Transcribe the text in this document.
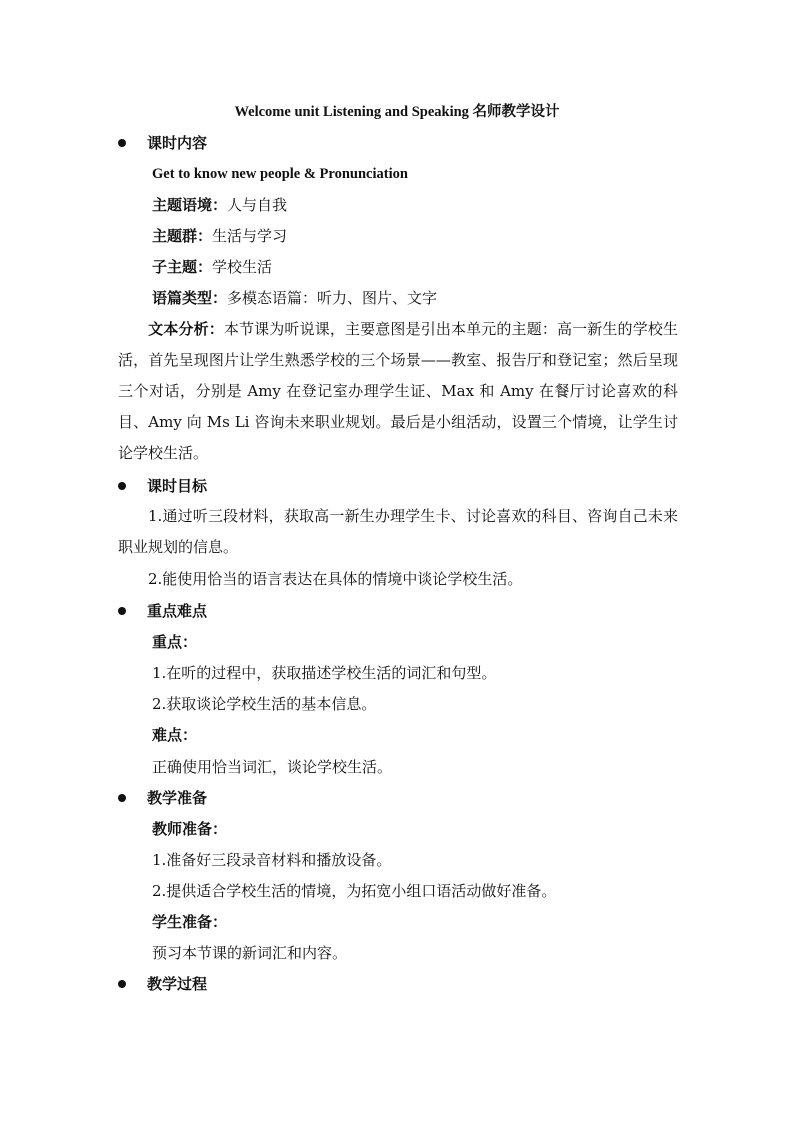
Welcome unit Listening and Speaking 名师教学设计
课时内容
Get to know new people & Pronunciation
主题语境：人与自我
主题群：生活与学习
子主题：学校生活
语篇类型：多模态语篇：听力、图片、文字
文本分析：本节课为听说课，主要意图是引出本单元的主题：高一新生的学校生活，首先呈现图片让学生熟悉学校的三个场景——教室、报告厅和登记室；然后呈现三个对话，分别是 Amy 在登记室办理学生证、Max 和 Amy 在餐厅讨论喜欢的科目、Amy 向 Ms Li 咨询未来职业规划。最后是小组活动，设置三个情境，让学生讨论学校生活。
课时目标
1.通过听三段材料，获取高一新生办理学生卡、讨论喜欢的科目、咨询自己未来职业规划的信息。
2.能使用恰当的语言表达在具体的情境中谈论学校生活。
重点难点
重点：
1.在听的过程中，获取描述学校生活的词汇和句型。
2.获取谈论学校生活的基本信息。
难点：
正确使用恰当词汇，谈论学校生活。
教学准备
教师准备：
1.准备好三段录音材料和播放设备。
2.提供适合学校生活的情境，为拓宽小组口语活动做好准备。
学生准备：
预习本节课的新词汇和内容。
教学过程
